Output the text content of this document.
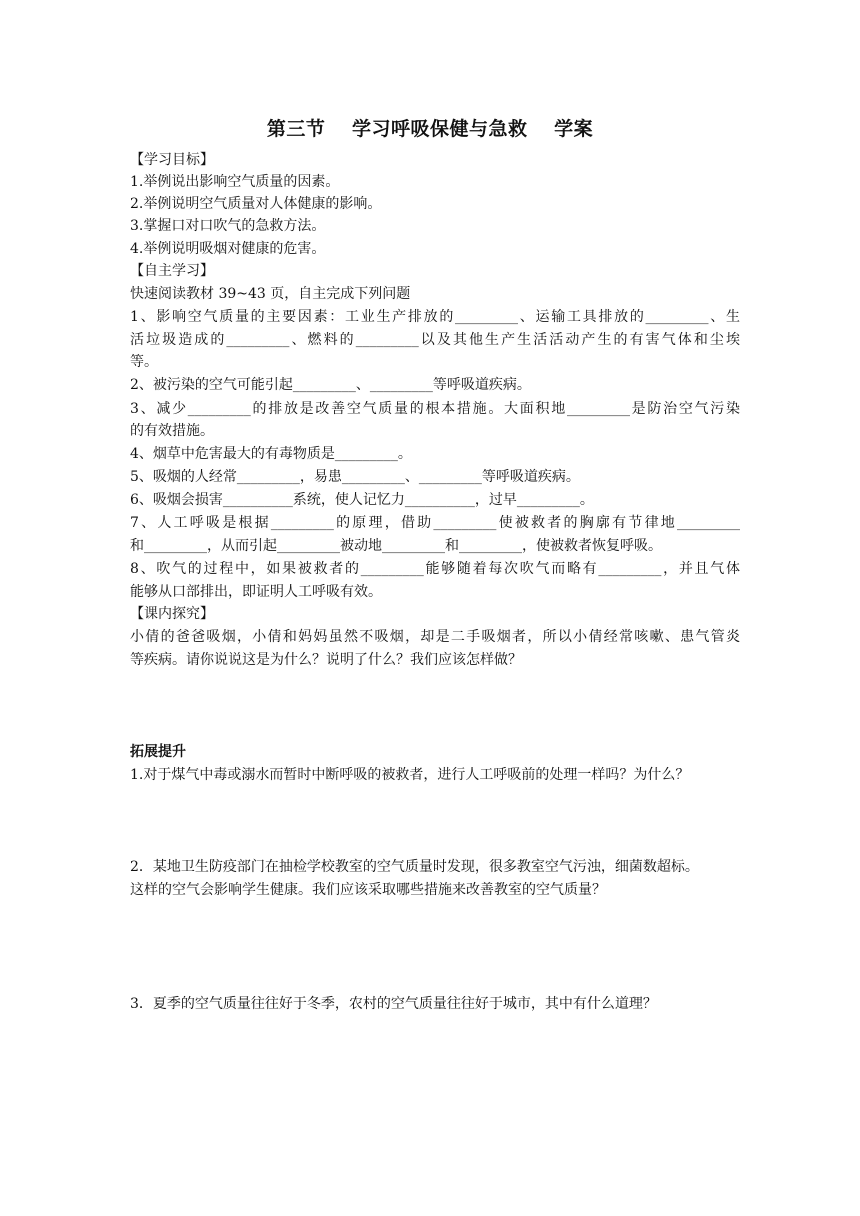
第三节　 学习呼吸保健与急救　 学案
【学习目标】
1.举例说出影响空气质量的因素。
2.举例说明空气质量对人体健康的影响。
3.掌握口对口吹气的急救方法。
4.举例说明吸烟对健康的危害。
【自主学习】
快速阅读教材 39~43 页，自主完成下列问题
1、影响空气质量的主要因素：工业生产排放的_________、运输工具排放的_________、生
活垃圾造成的_________、燃料的_________以及其他生产生活活动产生的有害气体和尘埃
等。
2、被污染的空气可能引起_________、_________等呼吸道疾病。
3、减少_________的排放是改善空气质量的根本措施。大面积地_________是防治空气污染
的有效措施。
4、烟草中危害最大的有毒物质是_________。
5、吸烟的人经常_________，易患_________、_________等呼吸道疾病。
6、吸烟会损害__________系统，使人记忆力__________，过早_________。
7、人工呼吸是根据_________的原理，借助_________使被救者的胸廓有节律地_________
和_________，从而引起_________被动地_________和_________，使被救者恢复呼吸。
8、吹气的过程中，如果被救者的_________能够随着每次吹气而略有_________，并且气体
能够从口部排出，即证明人工呼吸有效。
【课内探究】
小倩的爸爸吸烟，小倩和妈妈虽然不吸烟，却是二手吸烟者，所以小倩经常咳嗽、患气管炎
等疾病。请你说说这是为什么？说明了什么？我们应该怎样做？
拓展提升
1.对于煤气中毒或溺水而暂时中断呼吸的被救者，进行人工呼吸前的处理一样吗？为什么？
2．某地卫生防疫部门在抽检学校教室的空气质量时发现，很多教室空气污浊，细菌数超标。
这样的空气会影响学生健康。我们应该采取哪些措施来改善教室的空气质量？
3．夏季的空气质量往往好于冬季，农村的空气质量往往好于城市，其中有什么道理？
